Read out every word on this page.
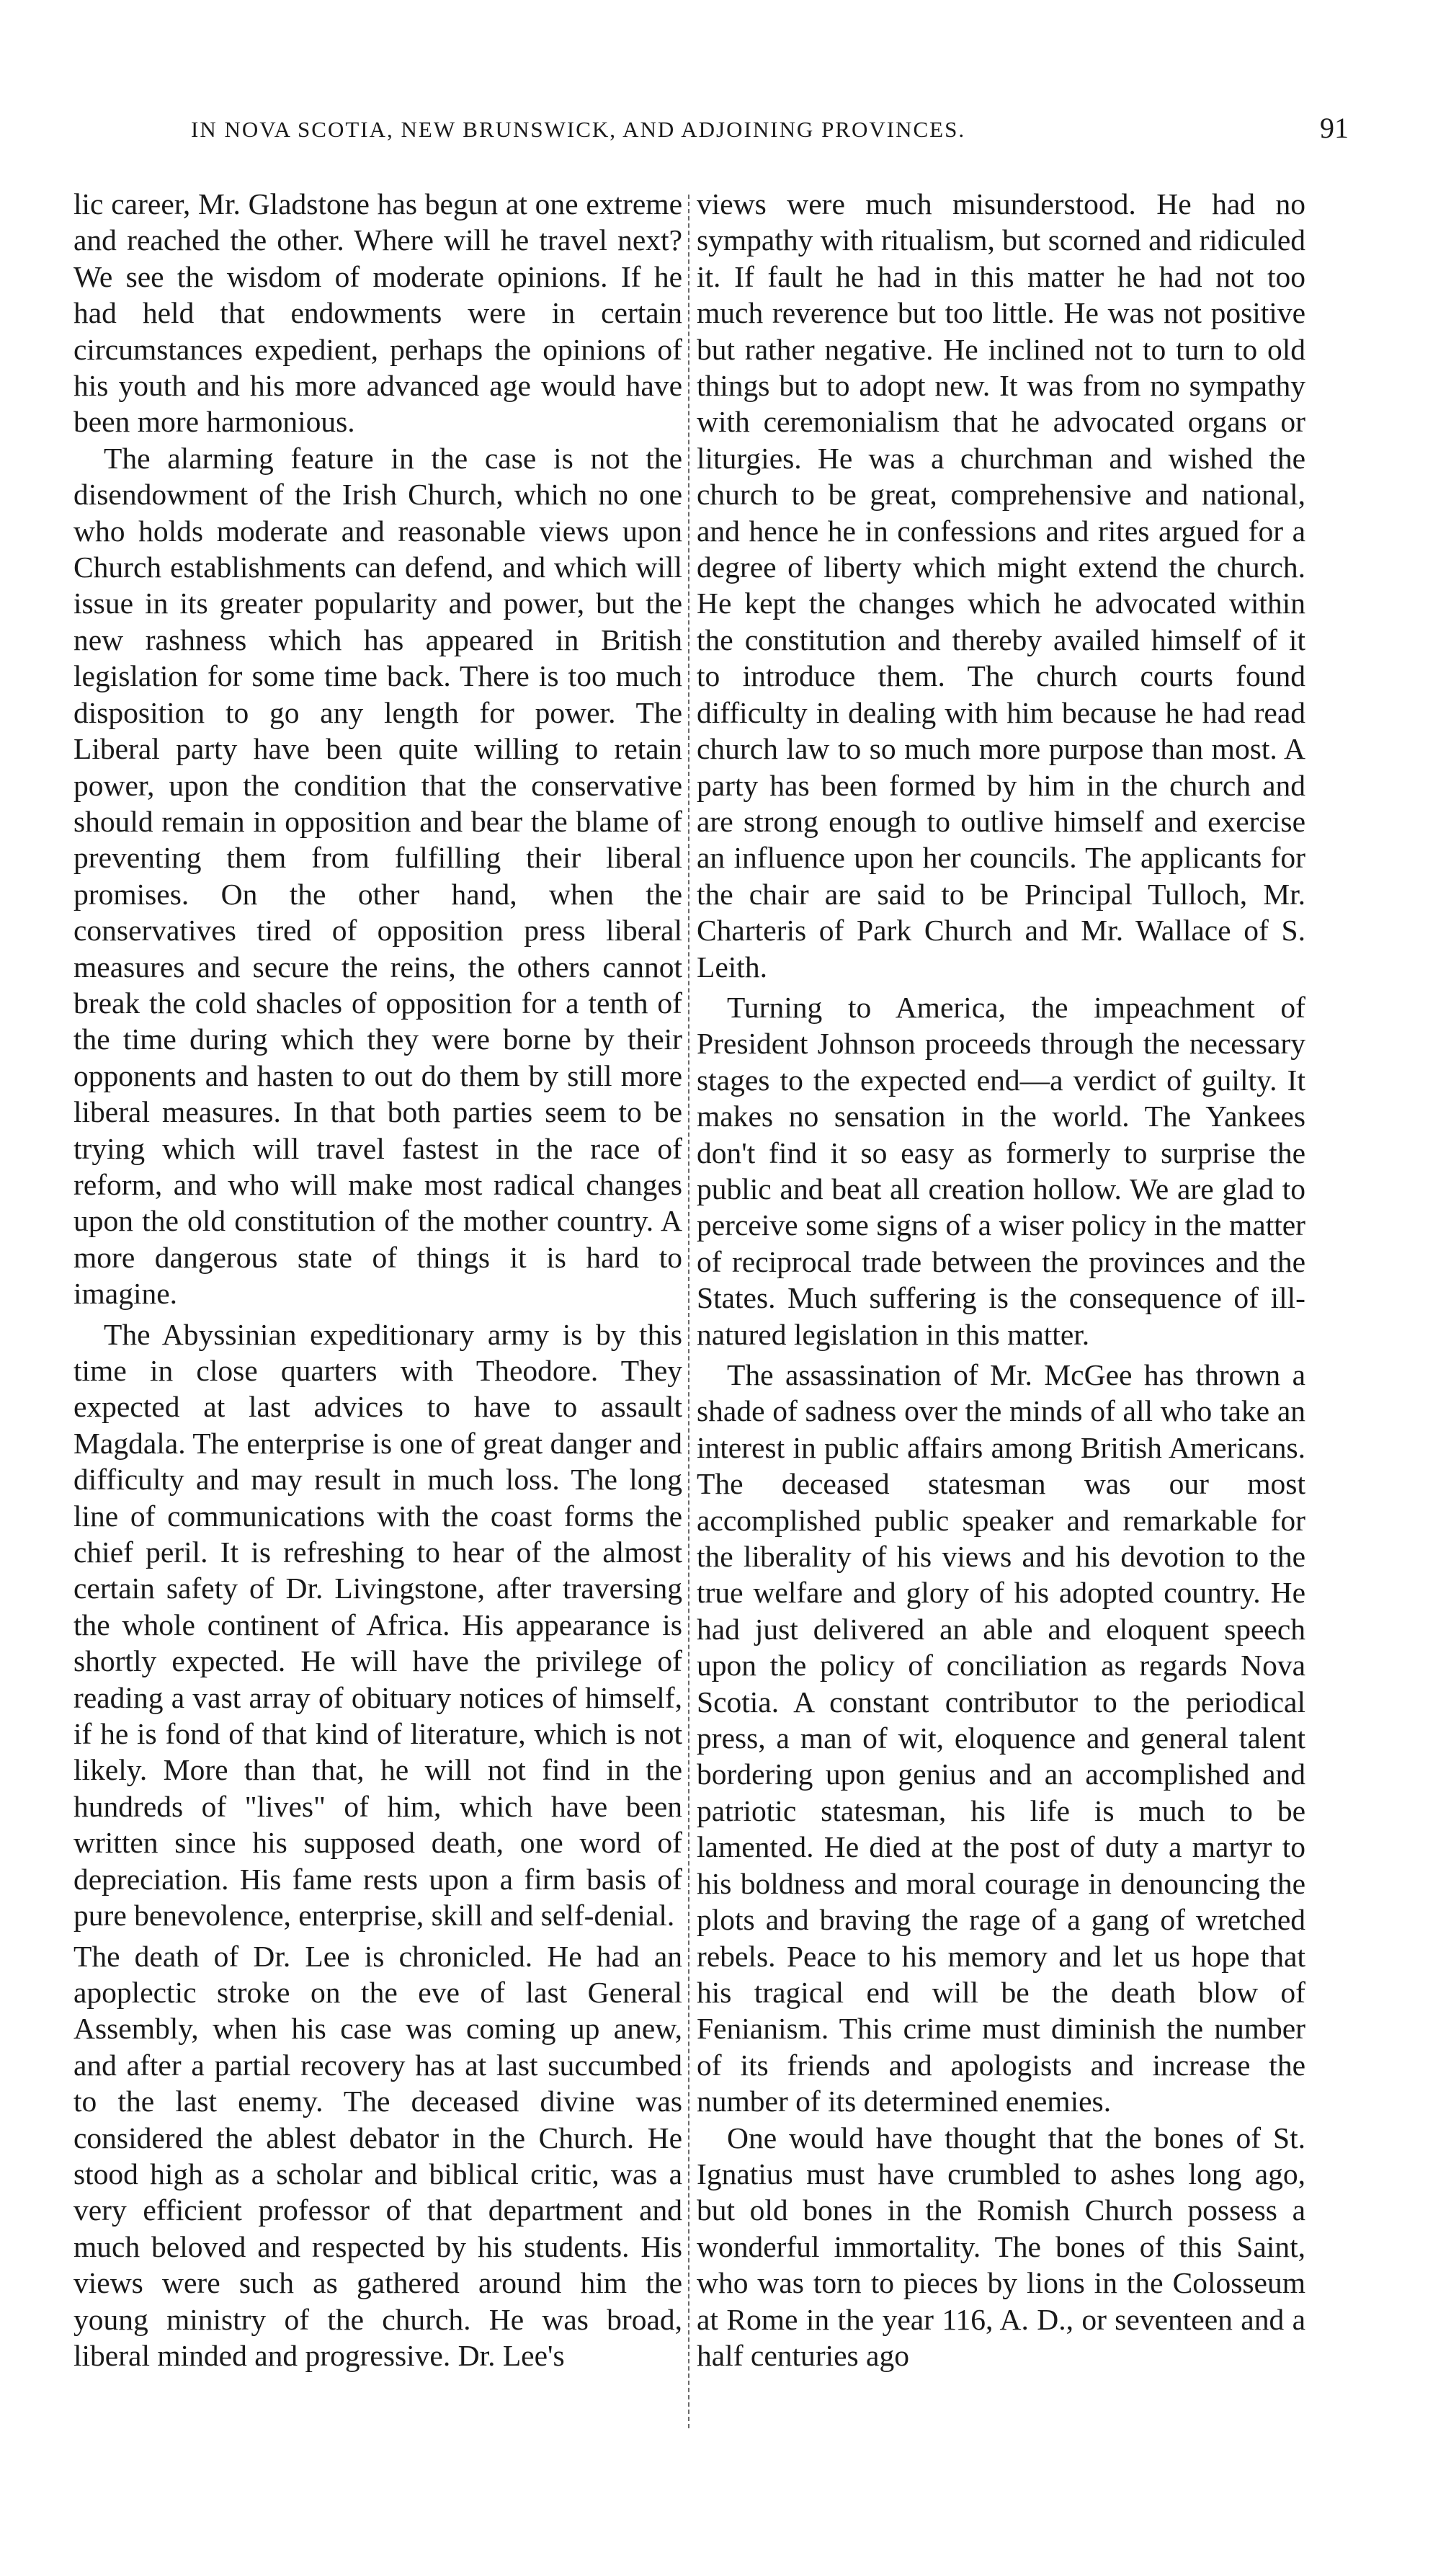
IN NOVA SCOTIA, NEW BRUNSWICK, AND ADJOINING PROVINCES.	91

lic career, Mr. Gladstone has begun at one extreme and reached the other. Where will he travel next? We see the wisdom of moderate opinions. If he had held that endowments were in certain circumstances expedient, perhaps the opinions of his youth and his more advanced age would have been more harmonious.

The alarming feature in the case is not the disendowment of the Irish Church, which no one who holds moderate and reasonable views upon Church establishments can defend, and which will issue in its greater popularity and power, but the new rashness which has appeared in British legislation for some time back. There is too much disposition to go any length for power. The Liberal party have been quite willing to retain power, upon the condition that the conservative should remain in opposition and bear the blame of preventing them from fulfilling their liberal promises. On the other hand, when the conservatives tired of opposition press liberal measures and secure the reins, the others cannot break the cold shacles of opposition for a tenth of the time during which they were borne by their opponents and hasten to out do them by still more liberal measures. In that both parties seem to be trying which will travel fastest in the race of reform, and who will make most radical changes upon the old constitution of the mother country. A more dangerous state of things it is hard to imagine.

The Abyssinian expeditionary army is by this time in close quarters with Theodore. They expected at last advices to have to assault Magdala. The enterprise is one of great danger and difficulty and may result in much loss. The long line of communications with the coast forms the chief peril. It is refreshing to hear of the almost certain safety of Dr. Livingstone, after traversing the whole continent of Africa. His appearance is shortly expected. He will have the privilege of reading a vast array of obituary notices of himself, if he is fond of that kind of literature, which is not likely. More than that, he will not find in the hundreds of "lives" of him, which have been written since his supposed death, one word of depreciation. His fame rests upon a firm basis of pure benevolence, enterprise, skill and self-denial.

The death of Dr. Lee is chronicled. He had an apoplectic stroke on the eve of last General Assembly, when his case was coming up anew, and after a partial recovery has at last succumbed to the last enemy. The deceased divine was considered the ablest debator in the Church. He stood high as a scholar and biblical critic, was a very efficient professor of that department and much beloved and respected by his students. His views were such as gathered around him the young ministry of the church. He was broad, liberal minded and progressive. Dr. Lee's

views were much misunderstood. He had no sympathy with ritualism, but scorned and ridiculed it. If fault he had in this matter he had not too much reverence but too little. He was not positive but rather negative. He inclined not to turn to old things but to adopt new. It was from no sympathy with ceremonialism that he advocated organs or liturgies. He was a churchman and wished the church to be great, comprehensive and national, and hence he in confessions and rites argued for a degree of liberty which might extend the church. He kept the changes which he advocated within the constitution and thereby availed himself of it to introduce them. The church courts found difficulty in dealing with him because he had read church law to so much more purpose than most. A party has been formed by him in the church and are strong enough to outlive himself and exercise an influence upon her councils. The applicants for the chair are said to be Principal Tulloch, Mr. Charteris of Park Church and Mr. Wallace of S. Leith.

Turning to America, the impeachment of President Johnson proceeds through the necessary stages to the expected end—a verdict of guilty. It makes no sensation in the world. The Yankees don't find it so easy as formerly to surprise the public and beat all creation hollow. We are glad to perceive some signs of a wiser policy in the matter of reciprocal trade between the provinces and the States. Much suffering is the consequence of ill-natured legislation in this matter.

The assassination of Mr. McGee has thrown a shade of sadness over the minds of all who take an interest in public affairs among British Americans. The deceased statesman was our most accomplished public speaker and remarkable for the liberality of his views and his devotion to the true welfare and glory of his adopted country. He had just delivered an able and eloquent speech upon the policy of conciliation as regards Nova Scotia. A constant contributor to the periodical press, a man of wit, eloquence and general talent bordering upon genius and an accomplished and patriotic statesman, his life is much to be lamented. He died at the post of duty a martyr to his boldness and moral courage in denouncing the plots and braving the rage of a gang of wretched rebels. Peace to his memory and let us hope that his tragical end will be the death blow of Fenianism. This crime must diminish the number of its friends and apologists and increase the number of its determined enemies.

One would have thought that the bones of St. Ignatius must have crumbled to ashes long ago, but old bones in the Romish Church possess a wonderful immortality. The bones of this Saint, who was torn to pieces by lions in the Colosseum at Rome in the year 116, A. D., or seventeen and a half centuries ago
